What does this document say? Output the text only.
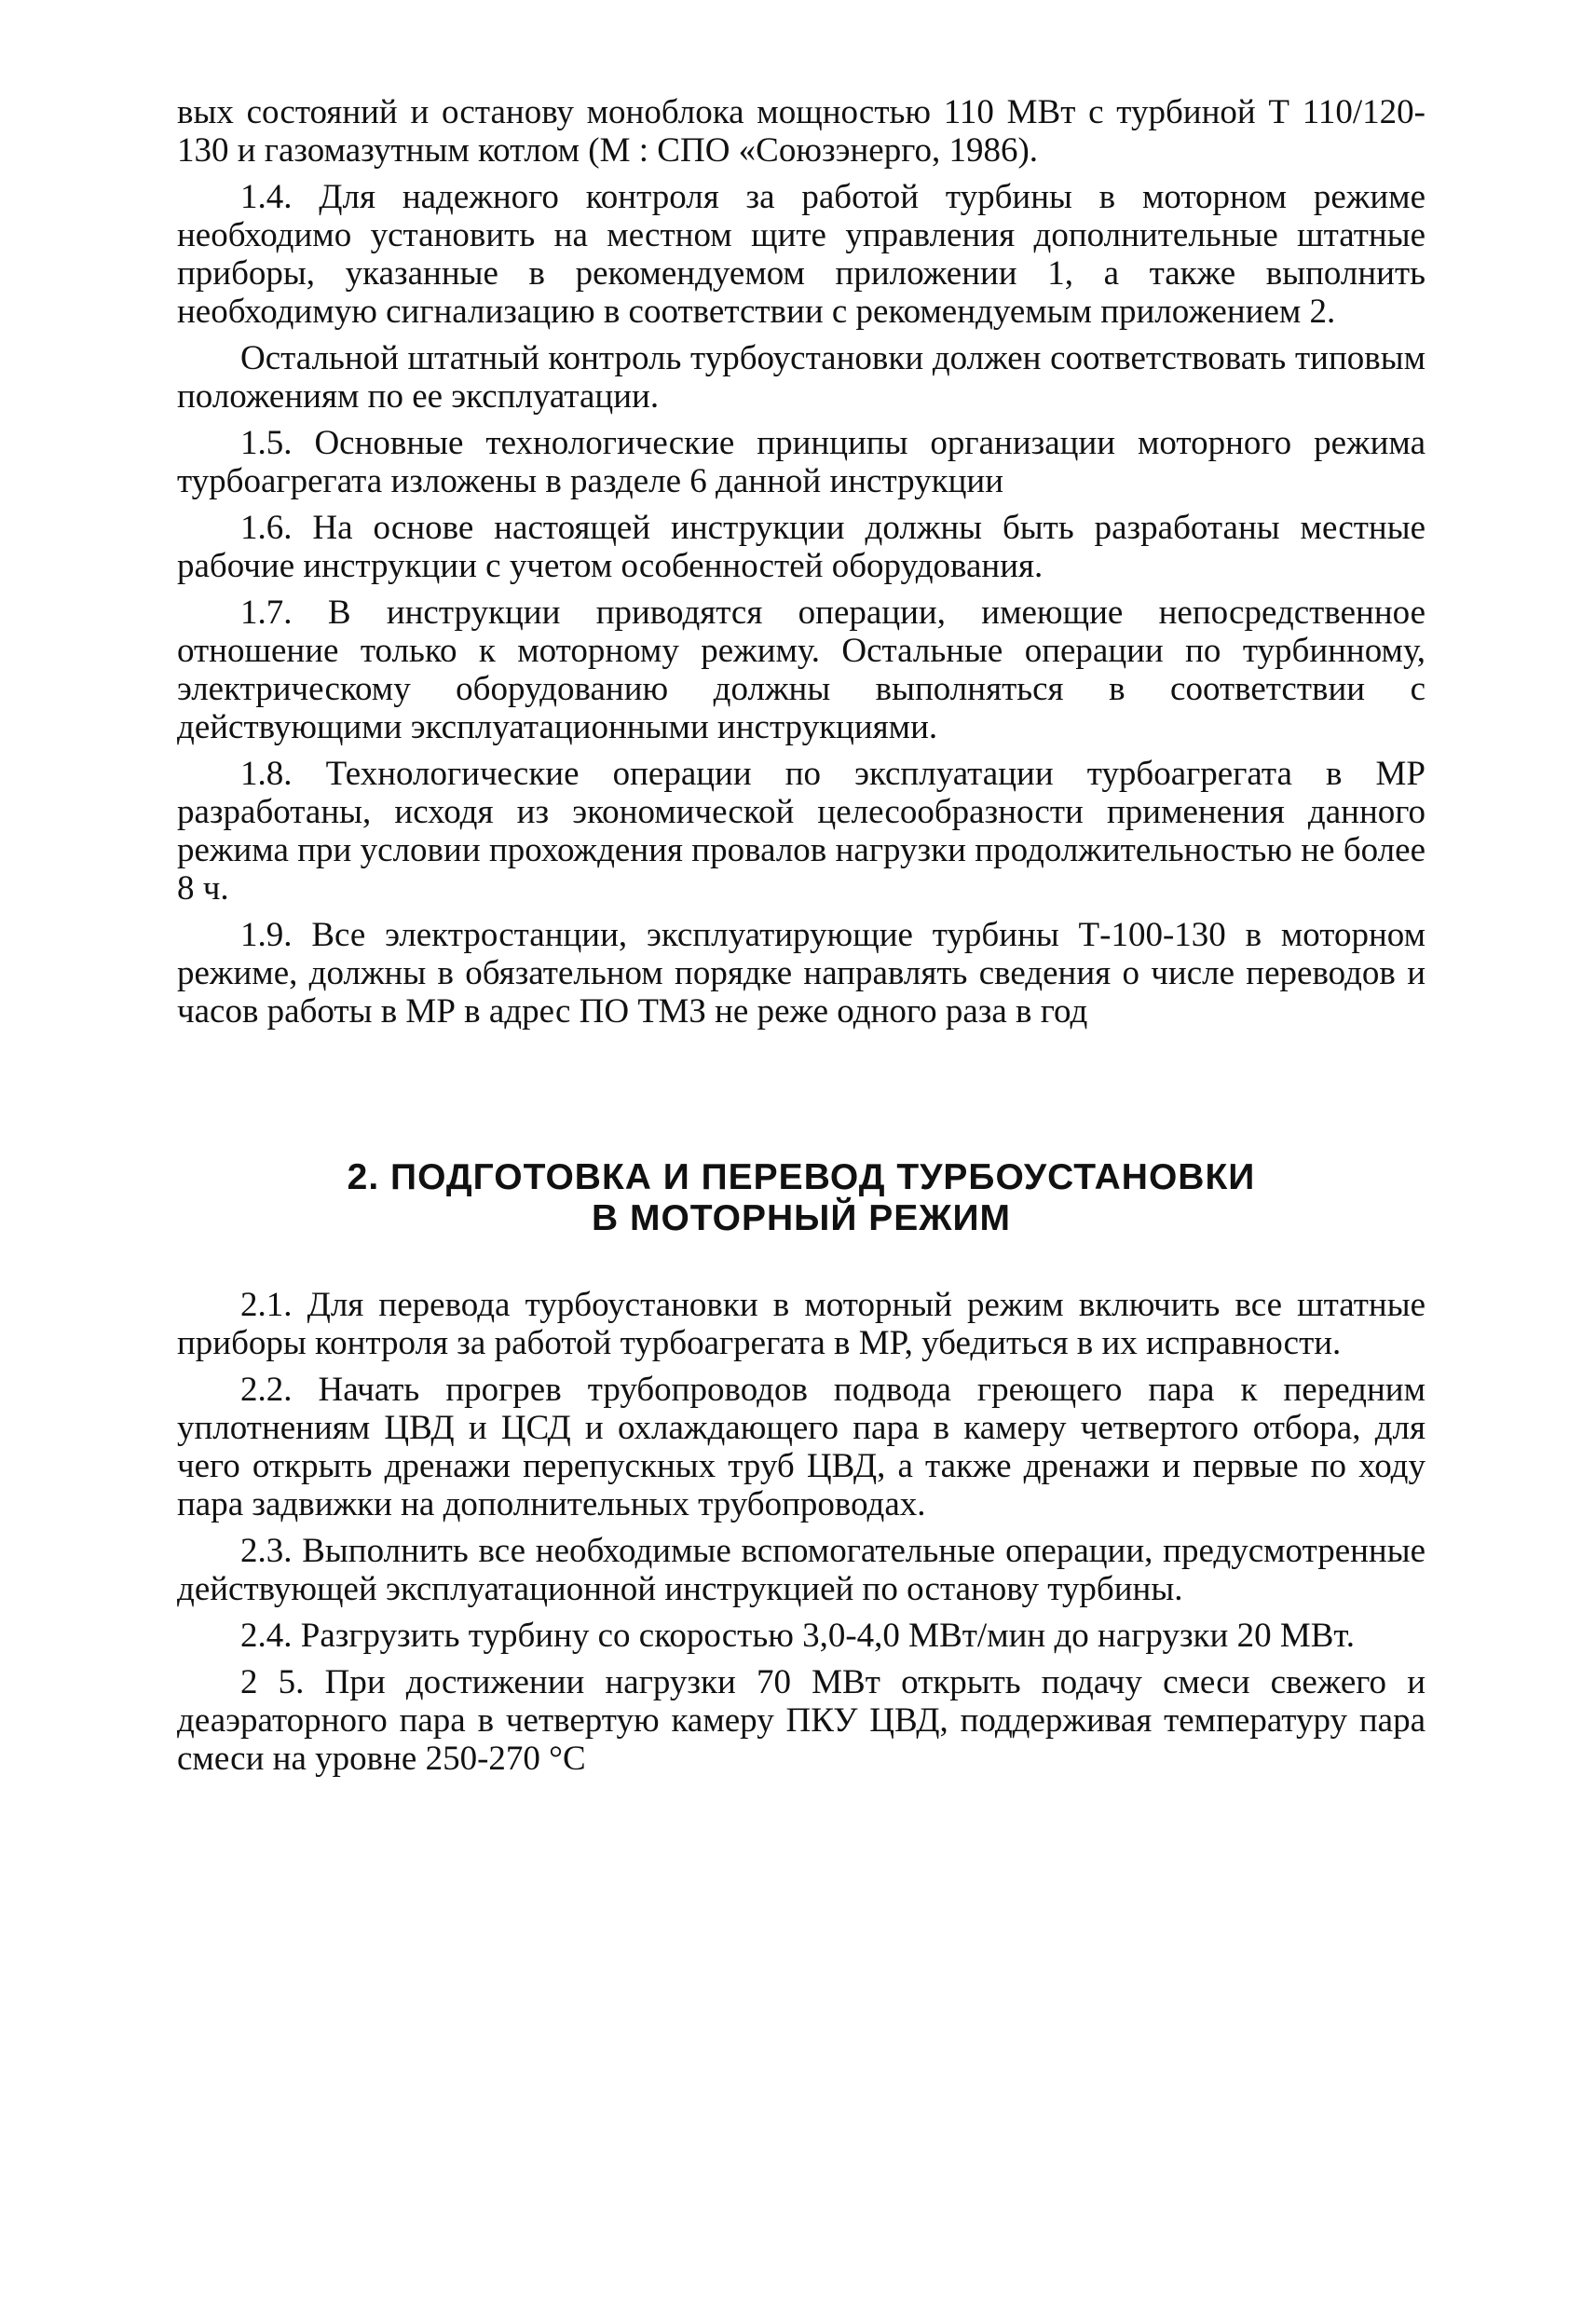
вых состояний и останову моноблока мощностью 110 МВт с турбиной Т 110/120-130 и газомазутным котлом (М : СПО «Союзэнерго, 1986).

1.4. Для надежного контроля за работой турбины в моторном режиме необходимо установить на местном щите управления дополнительные штатные приборы, указанные в рекомендуемом приложении 1, а также выполнить необходимую сигнализацию в соответствии с рекомендуемым приложением 2.

Остальной штатный контроль турбоустановки должен соответствовать типовым положениям по ее эксплуатации.

1.5. Основные технологические принципы организации моторного режима турбоагрегата изложены в разделе 6 данной инструкции

1.6. На основе настоящей инструкции должны быть разработаны местные рабочие инструкции с учетом особенностей оборудования.

1.7. В инструкции приводятся операции, имеющие непосредственное отношение только к моторному режиму. Остальные операции по турбинному, электрическому оборудованию должны выполняться в соответствии с действующими эксплуатационными инструкциями.

1.8. Технологические операции по эксплуатации турбоагрегата в МР разработаны, исходя из экономической целесообразности применения данного режима при условии прохождения провалов нагрузки продолжительностью не более 8 ч.

1.9. Все электростанции, эксплуатирующие турбины Т-100-130 в моторном режиме, должны в обязательном порядке направлять сведения о числе переводов и часов работы в МР в адрес ПО ТМЗ не реже одного раза в год

2. ПОДГОТОВКА И ПЕРЕВОД ТУРБОУСТАНОВКИ
В МОТОРНЫЙ РЕЖИМ

2.1. Для перевода турбоустановки в моторный режим включить все штатные приборы контроля за работой турбоагрегата в МР, убедиться в их исправности.

2.2. Начать прогрев трубопроводов подвода греющего пара к передним уплотнениям ЦВД и ЦСД и охлаждающего пара в камеру четвертого отбора, для чего открыть дренажи перепускных труб ЦВД, а также дренажи и первые по ходу пара задвижки на дополнительных трубопроводах.

2.3. Выполнить все необходимые вспомогательные операции, предусмотренные действующей эксплуатационной инструкцией по останову турбины.

2.4. Разгрузить турбину со скоростью 3,0-4,0 МВт/мин до нагрузки 20 МВт.

2 5. При достижении нагрузки 70 МВт открыть подачу смеси свежего и деаэраторного пара в четвертую камеру ПКУ ЦВД, поддерживая температуру пара смеси на уровне 250-270 °С
